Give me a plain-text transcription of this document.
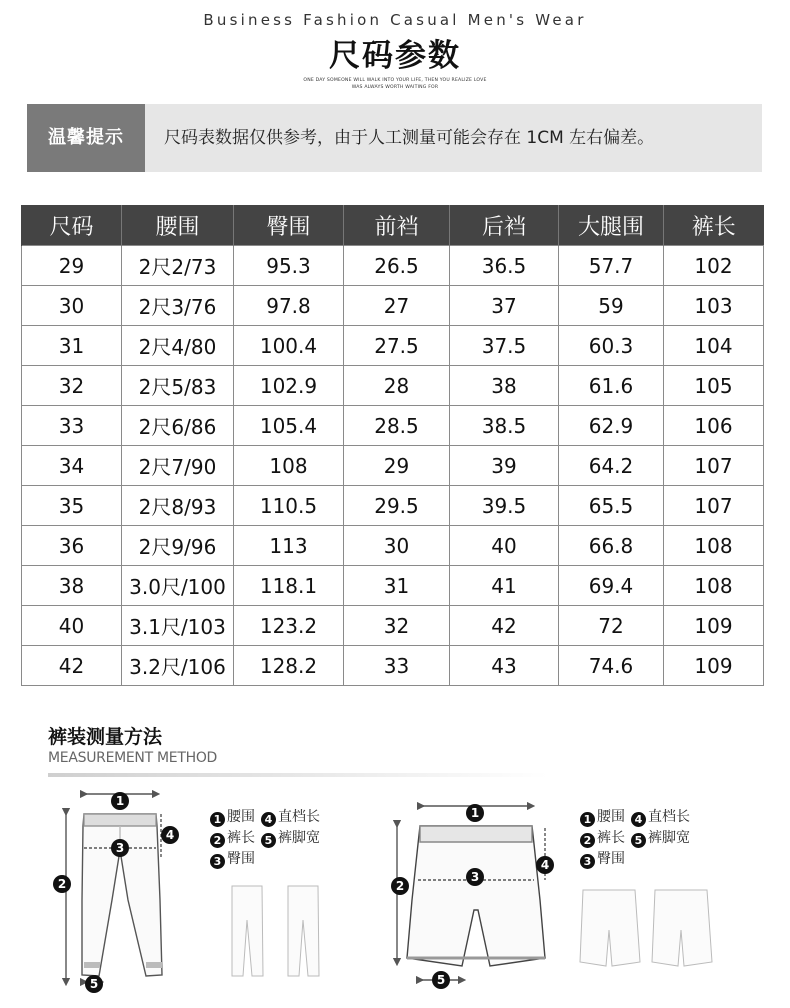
Business Fashion Casual Men's Wear
尺码参数
ONE DAY SOMEONE WILL WALK INTO YOUR LIFE, THEN YOU REALIZE LOVE
WAS ALWAYS WORTH WAITING FOR
温馨提示	尺码表数据仅供参考，由于人工测量可能会存在 1CM 左右偏差。
尺码	腰围	臀围	前裆	后裆	大腿围	裤长
29	2尺2/73	95.3	26.5	36.5	57.7	102
30	2尺3/76	97.8	27	37	59	103
31	2尺4/80	100.4	27.5	37.5	60.3	104
32	2尺5/83	102.9	28	38	61.6	105
33	2尺6/86	105.4	28.5	38.5	62.9	106
34	2尺7/90	108	29	39	64.2	107
35	2尺8/93	110.5	29.5	39.5	65.5	107
36	2尺9/96	113	30	40	66.8	108
38	3.0尺/100	118.1	31	41	69.4	108
40	3.1尺/103	123.2	32	42	72	109
42	3.2尺/106	128.2	33	43	74.6	109
裤装测量方法
MEASUREMENT METHOD
1 腰围 4 直档长
2 裤长 5 裤脚宽
3 臀围
1 腰围 4 直档长
2 裤长 5 裤脚宽
3 臀围
1
2
3
4
5
1
2
3
4
5
